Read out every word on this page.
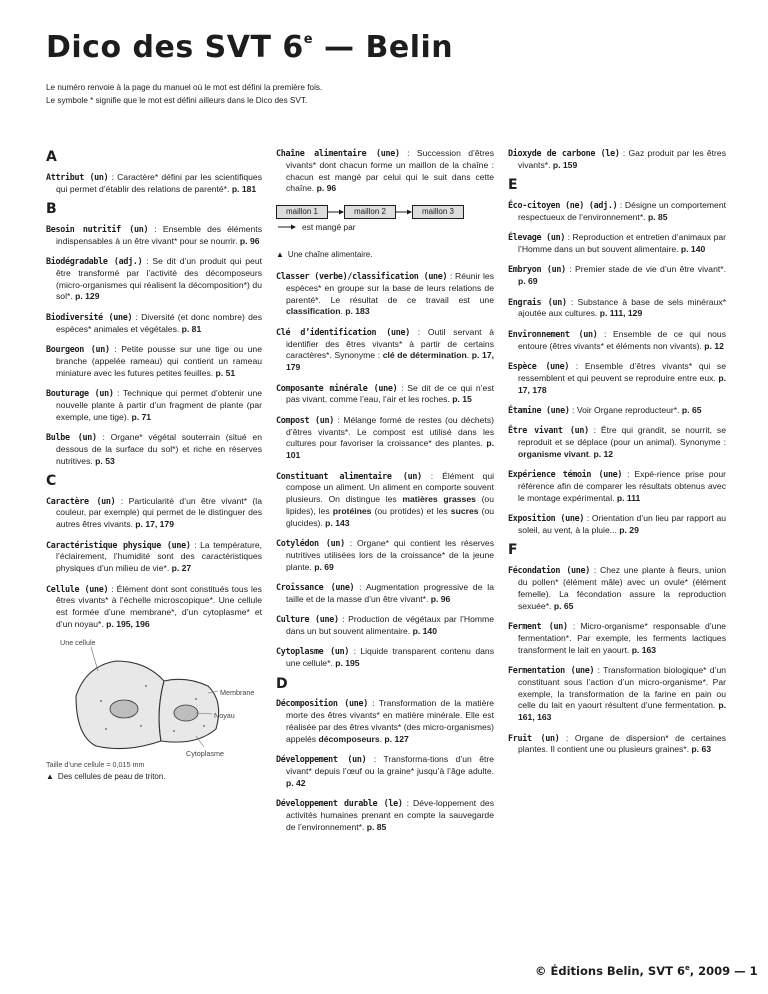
Dico des SVT 6e — Belin
Le numéro renvoie à la page du manuel où le mot est défini la première fois.
Le symbole * signifie que le mot est défini ailleurs dans le Dico des SVT.
A

Attribut (un) : Caractère* défini par les scientifiques qui permet d’établir des relations de parenté*. p. 181

B

Besoin nutritif (un) : Ensemble des éléments indispensables à un être vivant* pour se nourrir. p. 96

Biodégradable (adj.) : Se dit d’un produit qui peut être transformé par l’activité des décomposeurs (micro-organismes qui réalisent la décomposition*) du sol*. p. 129

Biodiversité (une) : Diversité (et donc nombre) des espèces* animales et végétales. p. 81

Bourgeon (un) : Petite pousse sur une tige ou une branche (appelée rameau) qui contient un rameau miniature avec les futures petites feuilles. p. 51

Bouturage (un) : Technique qui permet d’obtenir une nouvelle plante à partir d’un fragment de plante (par exemple, une tige). p. 71

Bulbe (un) : Organe* végétal souterrain (situé en dessous de la surface du sol*) et riche en réserves nutritives. p. 53

C

Caractère (un) : Particularité d’un être vivant* (la couleur, par exemple) qui permet de le distinguer des autres êtres vivants. p. 17, 179

Caractéristique physique (une) : La température, l’éclairement, l’humidité sont des caractéristiques physiques d’un milieu de vie*. p. 27

Cellule (une) : Élément dont sont constitués tous les êtres vivants* à l’échelle microscopique*. Une cellule est formée d’une membrane*, d’un cytoplasme* et d’un noyau*. p. 195, 196

Une cellule
Membrane
Noyau
Cytoplasme
Taille d’une cellule = 0,015 mm
▲ Des cellules de peau de triton.

Chaîne alimentaire (une) : Succession d’êtres vivants* dont chacun forme un maillon de la chaîne : chacun est mangé par celui qui le suit dans cette chaîne. p. 96

maillon 1	maillon 2	maillon 3
est mangé par
▲ Une chaîne alimentaire.

Classer (verbe)/classification (une) : Réunir les espèces* en groupe sur la base de leurs relations de parenté*. Le résultat de ce travail est une classification. p. 183

Clé d’identification (une) : Outil servant à identifier des êtres vivants* à partir de certains caractères*. Synonyme : clé de détermination. p. 17, 179

Composante minérale (une) : Se dit de ce qui n’est pas vivant, comme l’eau, l’air et les roches. p. 15

Compost (un) : Mélange formé de restes (ou déchets) d’êtres vivants*. Le compost est utilisé dans les cultures pour favoriser la croissance* des plantes. p. 101

Constituant alimentaire (un) : Élément qui compose un aliment. Un aliment en comporte souvent plusieurs. On distingue les matières grasses (ou lipides), les protéines (ou protides) et les sucres (ou glucides). p. 143

Cotylédon (un) : Organe* qui contient les réserves nutritives utilisées lors de la croissance* de la jeune plante. p. 69

Croissance (une) : Augmentation progressive de la taille et de la masse d’un être vivant*. p. 96

Culture (une) : Production de végétaux par l’Homme dans un but souvent alimentaire. p. 140

Cytoplasme (un) : Liquide transparent contenu dans une cellule*. p. 195

D

Décomposition (une) : Transformation de la matière morte des êtres vivants* en matière minérale. Elle est réalisée par des êtres vivants* (des micro-organismes) appelés décomposeurs. p. 127

Développement (un) : Transforma-tions d’un être vivant* depuis l’œuf ou la graine* jusqu’à l’âge adulte. p. 42

Développement durable (le) : Déve-loppement des activités humaines prenant en compte la sauvegarde de l’environnement*. p. 85

Dioxyde de carbone (le) : Gaz produit par les êtres vivants*. p. 159

E

Éco-citoyen (ne) (adj.) : Désigne un comportement respectueux de l’environnement*. p. 85

Élevage (un) : Reproduction et entretien d’animaux par l’Homme dans un but souvent alimentaire. p. 140

Embryon (un) : Premier stade de vie d’un être vivant*. p. 69

Engrais (un) : Substance à base de sels minéraux* ajoutée aux cultures. p. 111, 129

Environnement (un) : Ensemble de ce qui nous entoure (êtres vivants* et éléments non vivants). p. 12

Espèce (une) : Ensemble d’êtres vivants* qui se ressemblent et qui peuvent se reproduire entre eux. p. 17, 178

Étamine (une) : Voir Organe reproducteur*. p. 65

Être vivant (un) : Être qui grandit, se nourrit, se reproduit et se déplace (pour un animal). Synonyme : organisme vivant. p. 12

Expérience témoin (une) : Expé-rience prise pour référence afin de comparer les résultats obtenus avec le montage expérimental. p. 111

Exposition (une) : Orientation d’un lieu par rapport au soleil, au vent, à la pluie... p. 29

F

Fécondation (une) : Chez une plante à fleurs, union du pollen* (élément mâle) avec un ovule* (élément femelle). La fécondation assure la reproduction sexuée*. p. 65

Ferment (un) : Micro-organisme* responsable d’une fermentation*. Par exemple, les ferments lactiques transforment le lait en yaourt. p. 163

Fermentation (une) : Transformation biologique* d’un constituant sous l’action d’un micro-organisme*. Par exemple, la transformation de la farine en pain ou celle du lait en yaourt résultent d’une fermentation. p. 161, 163

Fruit (un) : Organe de dispersion* de certaines plantes. Il contient une ou plusieurs graines*. p. 63

© Éditions Belin, SVT 6e, 2009 — 1
